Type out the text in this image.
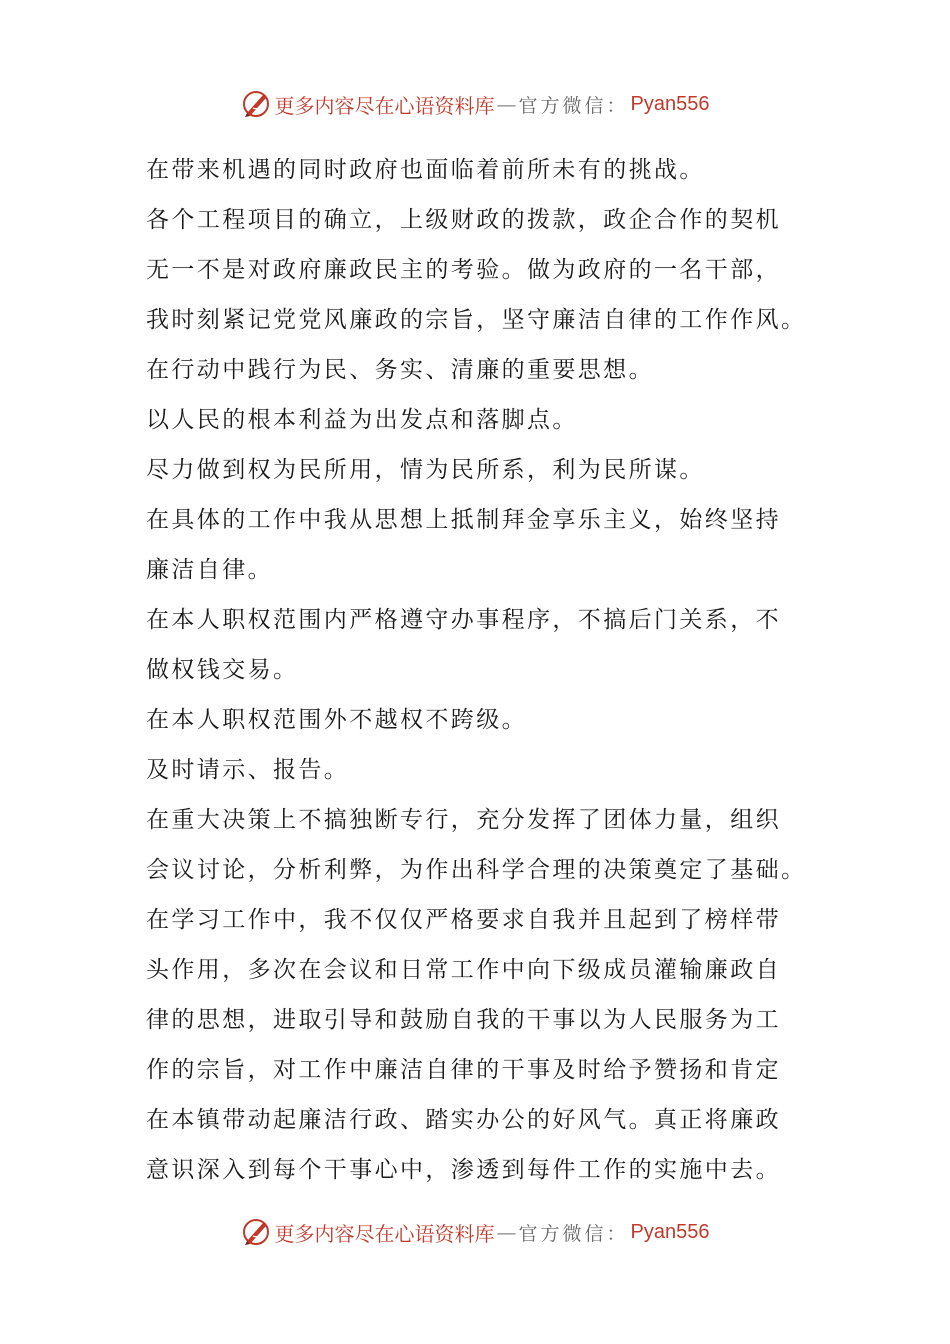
更多内容尽在心语资料库 — 官方微信： Pyan556
在带来机遇的同时政府也面临着前所未有的挑战。
各个工程项目的确立，上级财政的拨款，政企合作的契机
无一不是对政府廉政民主的考验。做为政府的一名干部，
我时刻紧记党党风廉政的宗旨，坚守廉洁自律的工作作风。
在行动中践行为民、务实、清廉的重要思想。
以人民的根本利益为出发点和落脚点。
尽力做到权为民所用，情为民所系，利为民所谋。
在具体的工作中我从思想上抵制拜金享乐主义，始终坚持
廉洁自律。
在本人职权范围内严格遵守办事程序，不搞后门关系，不
做权钱交易。
在本人职权范围外不越权不跨级。
及时请示、报告。
在重大决策上不搞独断专行，充分发挥了团体力量，组织
会议讨论，分析利弊，为作出科学合理的决策奠定了基础。
在学习工作中，我不仅仅严格要求自我并且起到了榜样带
头作用，多次在会议和日常工作中向下级成员灌输廉政自
律的思想，进取引导和鼓励自我的干事以为人民服务为工
作的宗旨，对工作中廉洁自律的干事及时给予赞扬和肯定
在本镇带动起廉洁行政、踏实办公的好风气。真正将廉政
意识深入到每个干事心中，渗透到每件工作的实施中去。
更多内容尽在心语资料库 — 官方微信： Pyan556
